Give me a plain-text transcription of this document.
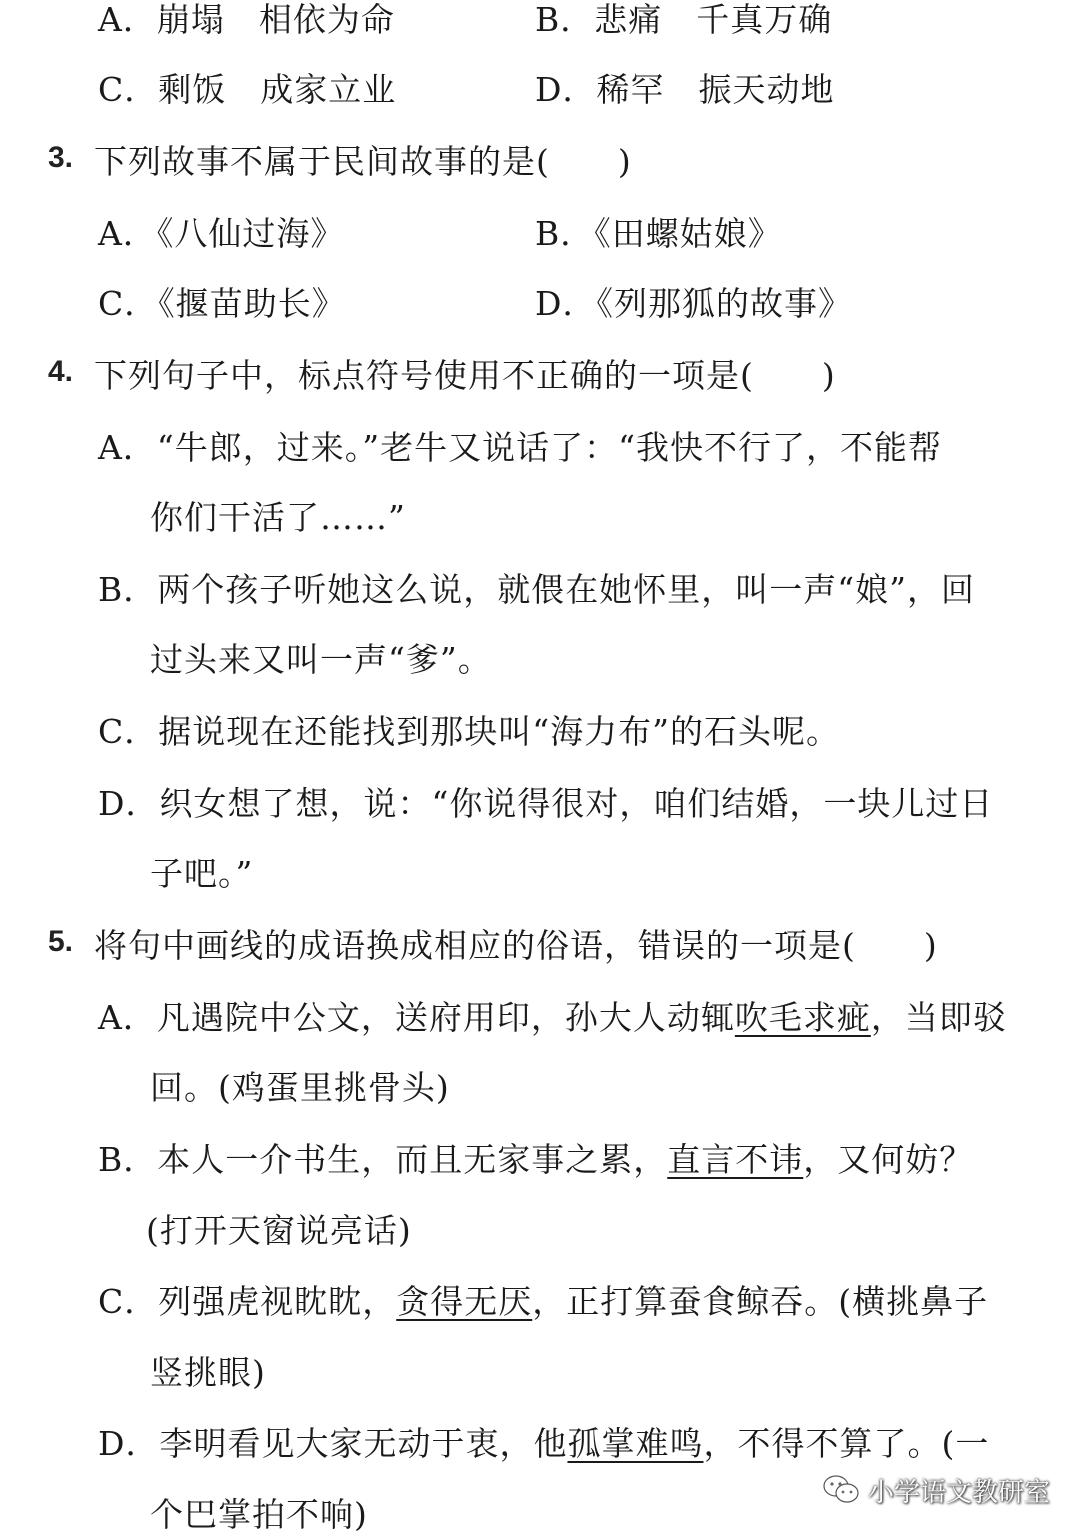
A．崩塌　相依为命	B．悲痛　千真万确
C．剩饭　成家立业	D．稀罕　振天动地
3. 下列故事不属于民间故事的是(　　)
A．《八仙过海》	B．《田螺姑娘》
C．《揠苗助长》	D．《列那狐的故事》
4. 下列句子中，标点符号使用不正确的一项是(　　)
A．“牛郎，过来。”老牛又说话了：“我快不行了，不能帮
你们干活了……”
B．两个孩子听她这么说，就偎在她怀里，叫一声“娘”，回
过头来又叫一声“爹”。
C．据说现在还能找到那块叫“海力布”的石头呢。
D．织女想了想，说：“你说得很对，咱们结婚，一块儿过日
子吧。”
5. 将句中画线的成语换成相应的俗语，错误的一项是(　　)
A．凡遇院中公文，送府用印，孙大人动辄吹毛求疵，当即驳
回。(鸡蛋里挑骨头)
B．本人一介书生，而且无家事之累，直言不讳，又何妨？
(打开天窗说亮话)
C．列强虎视眈眈，贪得无厌，正打算蚕食鲸吞。(横挑鼻子
竖挑眼)
D．李明看见大家无动于衷，他孤掌难鸣，不得不算了。(一
个巴掌拍不响)
小学语文教研室
